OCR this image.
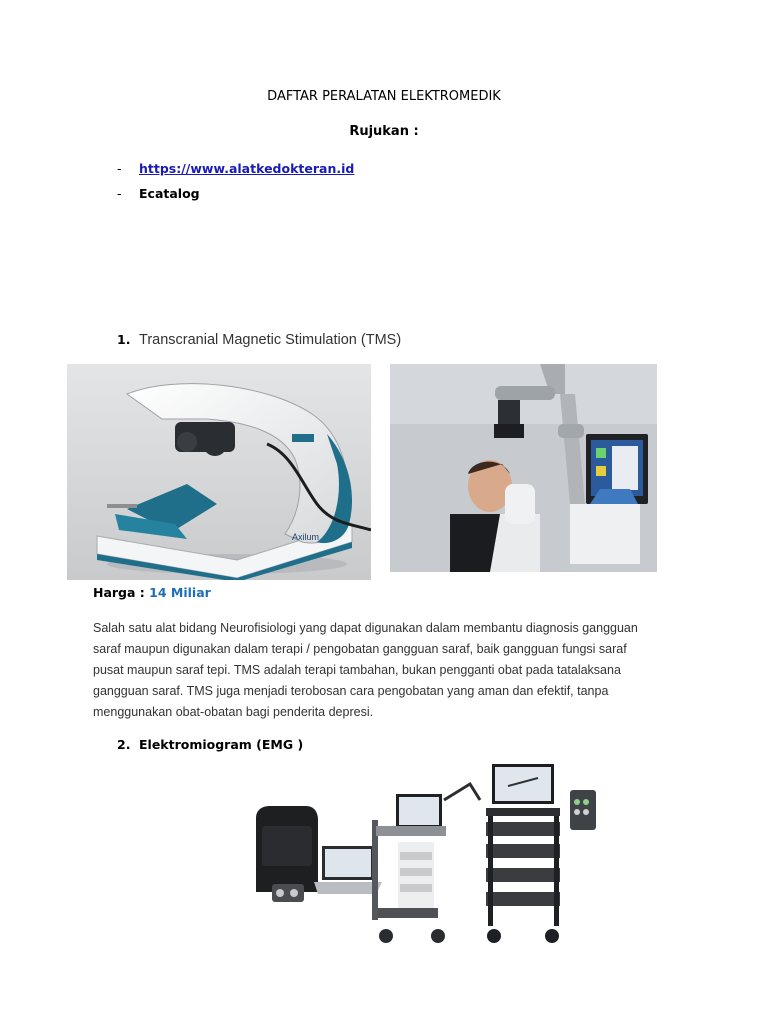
DAFTAR PERALATAN ELEKTROMEDIK
Rujukan :
- https://www.alatkedokteran.id
- Ecatalog
1. Transcranial Magnetic Stimulation (TMS)
Axilum
Harga : 14 Miliar
Salah satu alat bidang Neurofisiologi yang dapat digunakan dalam membantu diagnosis gangguan
saraf maupun digunakan dalam terapi / pengobatan gangguan saraf, baik gangguan fungsi saraf
pusat maupun saraf tepi. TMS adalah terapi tambahan, bukan pengganti obat pada tatalaksana
gangguan saraf. TMS juga menjadi terobosan cara pengobatan yang aman dan efektif, tanpa
menggunakan obat-obatan bagi penderita depresi.
2. Elektromiogram (EMG )
